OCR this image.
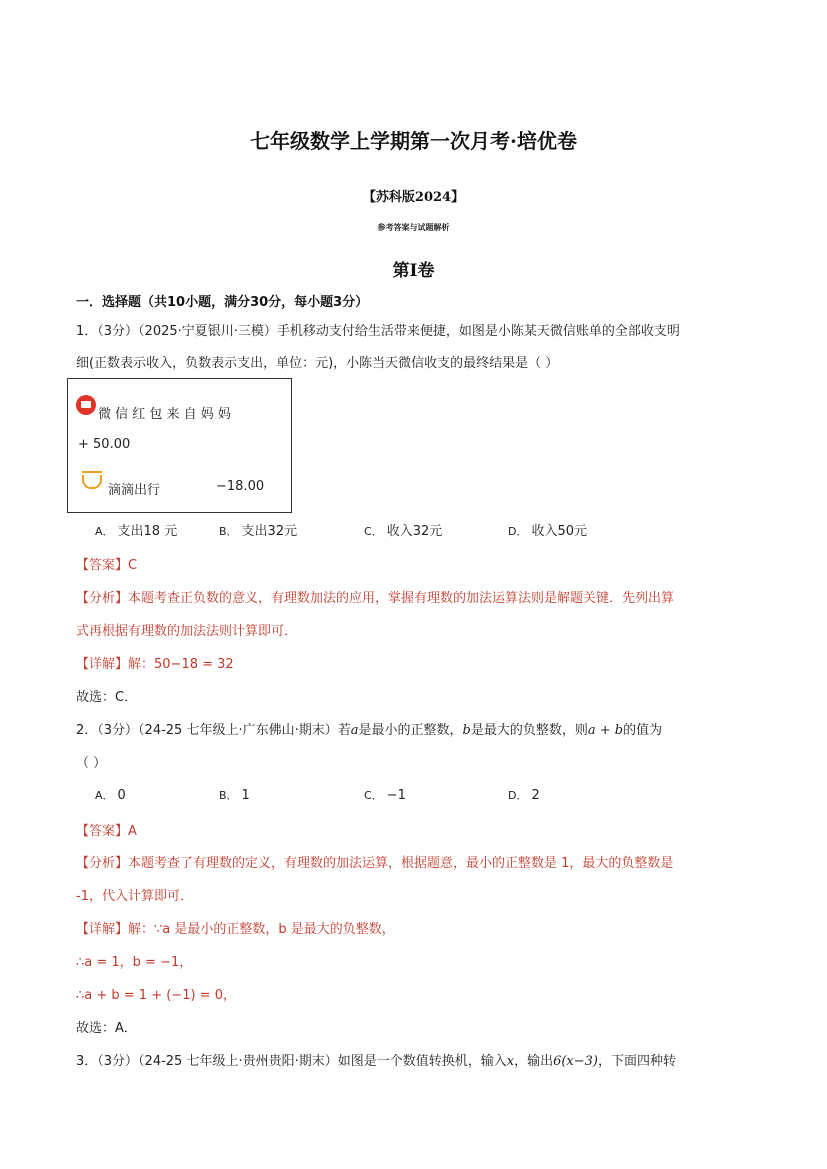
七年级数学上学期第一次月考·培优卷
【苏科版2024】
参考答案与试题解析
第I卷
一．选择题（共10小题，满分30分，每小题3分）
1．（3分）（2025·宁夏银川·三模）手机移动支付给生活带来便捷，如图是小陈某天微信账单的全部收支明
细(正数表示收入，负数表示支出，单位：元)，小陈当天微信收支的最终结果是（ ）
微 信 红 包 来 自 妈 妈
+ 50.00
滴滴出行	−18.00
A． 支出18 元	B． 支出32元	C． 收入32元	D． 收入50元
【答案】C
【分析】本题考查正负数的意义，有理数加法的应用，掌握有理数的加法运算法则是解题关键．先列出算
式再根据有理数的加法法则计算即可．
【详解】解：50−18 = 32
故选：C．
2．（3分）（24-25 七年级上·广东佛山·期末）若a是最小的正整数，b是最大的负整数，则a + b的值为
（ ）
A． 0	B． 1	C． −1	D． 2
【答案】A
【分析】本题考查了有理数的定义，有理数的加法运算，根据题意，最小的正整数是 1，最大的负整数是
-1，代入计算即可．
【详解】解：∵a 是最小的正整数，b 是最大的负整数，
∴a = 1，b = −1，
∴a + b = 1 + (−1) = 0，
故选：A．
3．（3分）（24-25 七年级上·贵州贵阳·期末）如图是一个数值转换机，输入x，输出6(x−3)，下面四种转
